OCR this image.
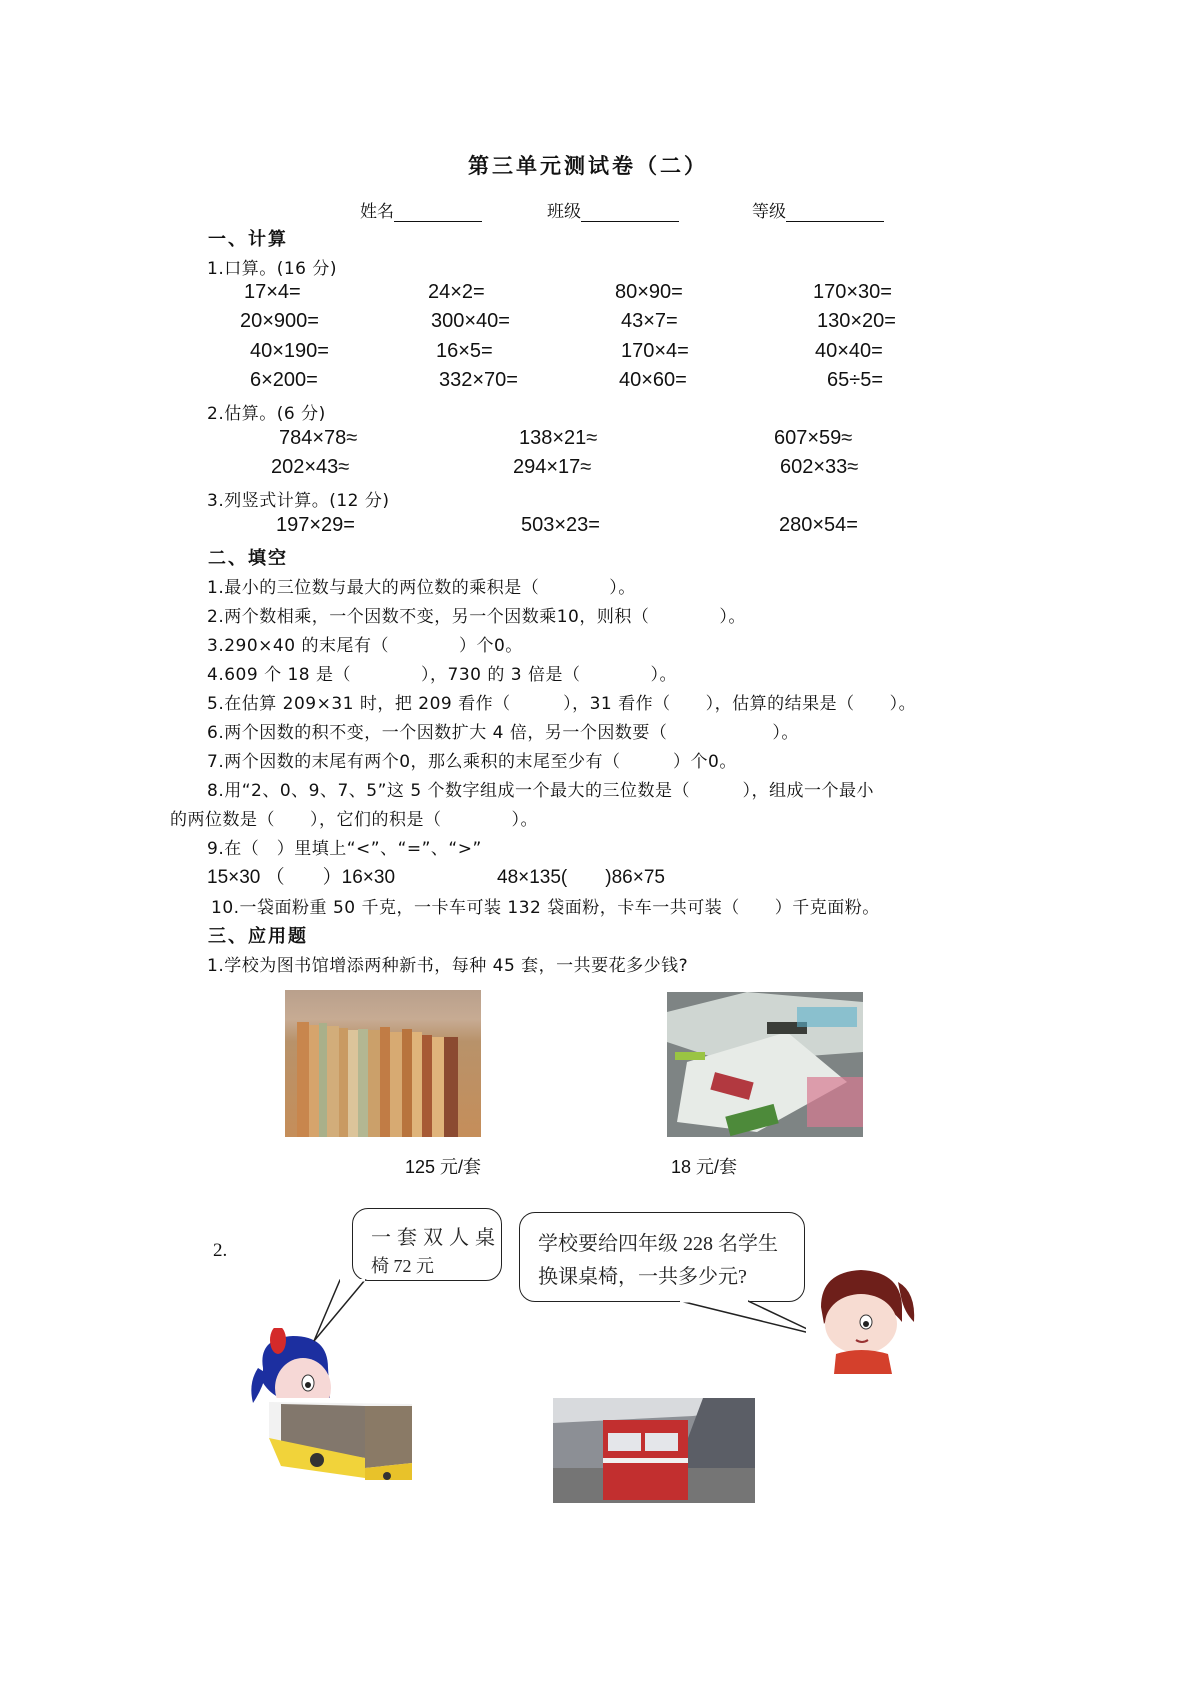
第三单元测试卷（二）
姓名	班级	等级
一、计算
1.口算。(16 分)
17×4=	24×2=	80×90=	170×30=
20×900=	300×40=	43×7=	130×20=
40×190=	16×5=	170×4=	40×40=
6×200=	332×70=	40×60=	65÷5=
2.估算。(6 分)
784×78≈	138×21≈	607×59≈
202×43≈	294×17≈	602×33≈
3.列竖式计算。(12 分)
197×29=	503×23=	280×54=
二、填空
1.最小的三位数与最大的两位数的乘积是（　　　　）。
2.两个数相乘，一个因数不变，另一个因数乘10，则积（　　　　）。
3.290×40 的末尾有（　　　　）个0。
4.609 个 18 是（　　　　），730 的 3 倍是（　　　　）。
5.在估算 209×31 时，把 209 看作（　　　），31 看作（　　），估算的结果是（　　）。
6.两个因数的积不变，一个因数扩大 4 倍，另一个因数要（　　　　　　）。
7.两个因数的末尾有两个0，那么乘积的末尾至少有（　　　）个0。
8.用“2、0、9、7、5”这 5 个数字组成一个最大的三位数是（　　　），组成一个最小
的两位数是（　　），它们的积是（　　　　）。
9.在（　）里填上“<”、“=”、“>”
15×30 （　　）16×30	48×135(　　)86×75
10.一袋面粉重 50 千克，一卡车可装 132 袋面粉，卡车一共可装（　　）千克面粉。
三、应用题
1.学校为图书馆增添两种新书，每种 45 套，一共要花多少钱?
125 元/套	18 元/套
2.
一套双人桌
椅 72 元
学校要给四年级 228 名学生
换课桌椅，一共多少元?
